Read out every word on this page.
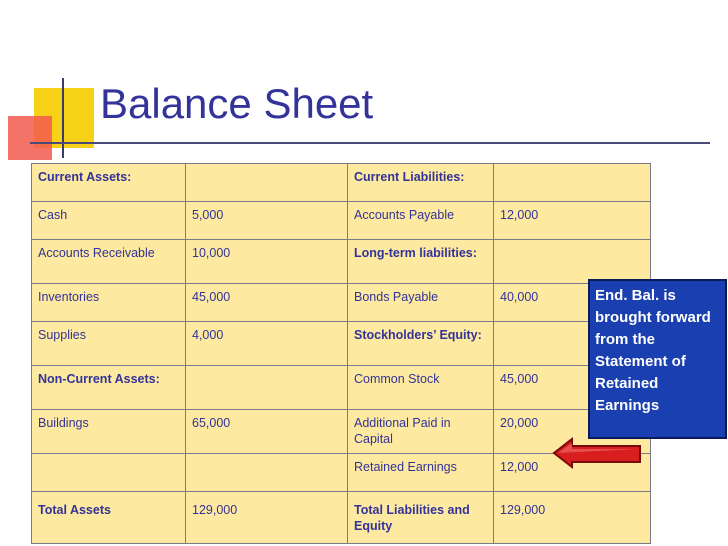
Balance Sheet
Current Assets:		Current Liabilities:	
Cash	5,000	Accounts Payable	12,000
Accounts Receivable	10,000	Long-term liabilities:	
Inventories	45,000	Bonds Payable	40,000
Supplies	4,000	Stockholders’ Equity:	
Non-Current Assets:		Common Stock	45,000
Buildings	65,000	Additional Paid in Capital	20,000
		Retained Earnings	12,000
Total Assets	129,000	Total Liabilities and Equity	129,000
End. Bal. is brought forward from the Statement of Retained Earnings
